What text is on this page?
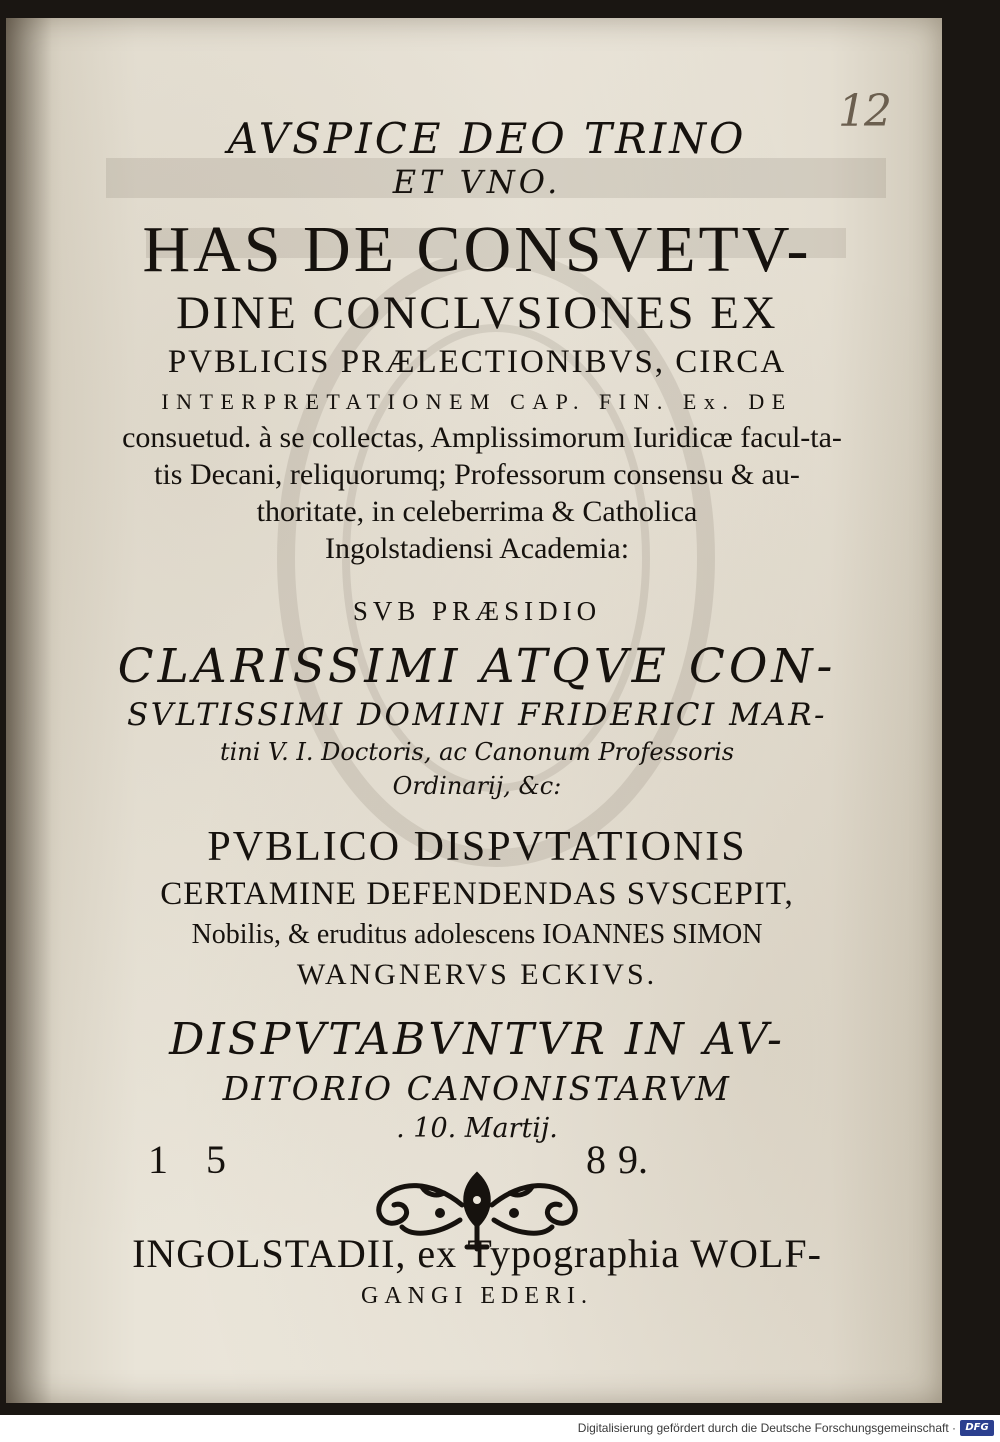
12
AVSPICE DEO TRINO
ET VNO.
HAS DE CONSVETV-
DINE CONCLVSIONES EX
PVBLICIS PRÆLECTIONIBVS, CIRCA
INTERPRETATIONEM CAP. FIN. Ex. DE
consuetud. à se collectas, Amplissimorum Iuridicæ facul-ta-
tis Decani, reliquorumq; Professorum consensu & au-
thoritate, in celeberrima & Catholica
Ingolstadiensi Academia:
SVB PRÆSIDIO
CLARISSIMI ATQVE CON-
SVLTISSIMI DOMINI FRIDERICI MAR-
tini V. I. Doctoris, ac Canonum Professoris
Ordinarij, &c:
PVBLICO DISPVTATIONIS
CERTAMINE DEFENDENDAS SVSCEPIT,
Nobilis, & eruditus adolescens IOANNES SIMON
WANGNERVS ECKIVS.
DISPVTABVNTVR IN AV-
DITORIO CANONISTARVM
. 10. Martij.
1 5	8 9.
INGOLSTADII, ex Typographia WOLF-
GANGI EDERI.
Digitalisierung gefördert durch die Deutsche Forschungsgemeinschaft · DFG
